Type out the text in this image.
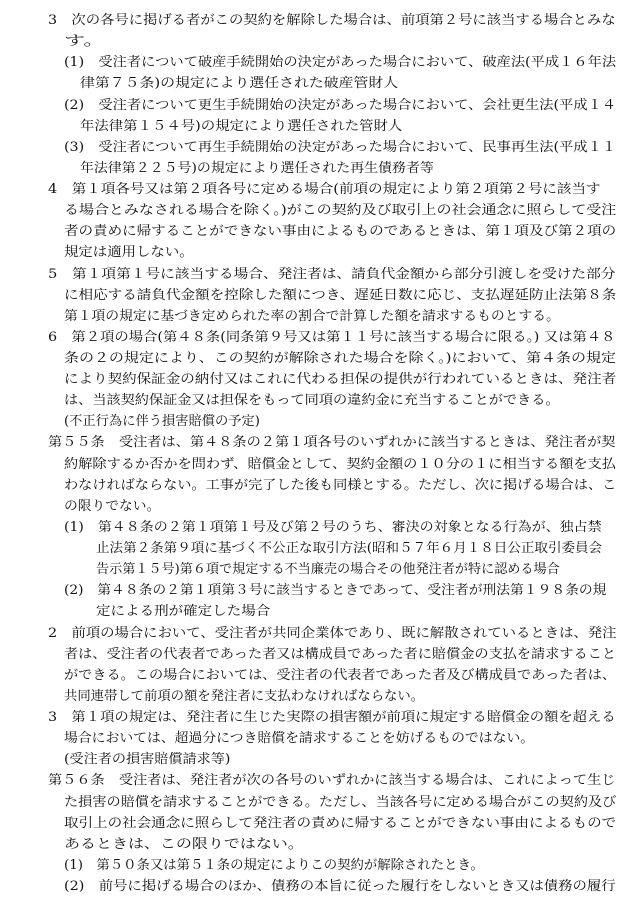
3　次の各号に掲げる者がこの契約を解除した場合は、前項第２号に該当する場合とみな
す。
(1)　受注者について破産手続開始の決定があった場合において、破産法(平成１６年法
律第７５条)の規定により選任された破産管財人
(2)　受注者について更生手続開始の決定があった場合において、会社更生法(平成１４
年法律第１５４号)の規定により選任された管財人
(3)　受注者について再生手続開始の決定があった場合において、民事再生法(平成１１
年法律第２２５号)の規定により選任された再生債務者等
4　第１項各号又は第２項各号に定める場合(前項の規定により第２項第２号に該当す
る場合とみなされる場合を除く。)がこの契約及び取引上の社会通念に照らして受注
者の責めに帰することができない事由によるものであるときは、第１項及び第２項の
規定は適用しない。
5　第１項第１号に該当する場合、発注者は、請負代金額から部分引渡しを受けた部分
に相応する請負代金額を控除した額につき、遅延日数に応じ、支払遅延防止法第８条
第１項の規定に基づき定められた率の割合で計算した額を請求するものとする。
6　第２項の場合(第４８条(同条第９号又は第１１号に該当する場合に限る。) 又は第４８
条の２の規定により、この契約が解除された場合を除く。)において、第４条の規定
により契約保証金の納付又はこれに代わる担保の提供が行われているときは、発注者
は、当該契約保証金又は担保をもって同項の違約金に充当することができる。
(不正行為に伴う損害賠償の予定)
第５５条　受注者は、第４８条の２第１項各号のいずれかに該当するときは、発注者が契
約解除するか否かを問わず、賠償金として、契約金額の１０分の１に相当する額を支払
わなければならない。工事が完了した後も同様とする。ただし、次に掲げる場合は、こ
の限りでない。
(1)　第４８条の２第１項第１号及び第２号のうち、審決の対象となる行為が、独占禁
止法第２条第９項に基づく不公正な取引方法(昭和５７年６月１８日公正取引委員会
告示第１５号)第６項で規定する不当廉売の場合その他発注者が特に認める場合
(2)　第４８条の２第１項第３号に該当するときであって、受注者が刑法第１９８条の規
定による刑が確定した場合
2　前項の場合において、受注者が共同企業体であり、既に解散されているときは、発注
者は、受注者の代表者であった者又は構成員であった者に賠償金の支払を請求すること
ができる。この場合においては、受注者の代表者であった者及び構成員であった者は、
共同連帯して前項の額を発注者に支払わなければならない。
3　第１項の規定は、発注者に生じた実際の損害額が前項に規定する賠償金の額を超える
場合においては、超過分につき賠償を請求することを妨げるものではない。
(受注者の損害賠償請求等)
第５６条　受注者は、発注者が次の各号のいずれかに該当する場合は、これによって生じ
た損害の賠償を請求することができる。ただし、当該各号に定める場合がこの契約及び
取引上の社会通念に照らして発注者の責めに帰することができない事由によるもので
あるときは、この限りではない。
(1)　第５０条又は第５１条の規定によりこの契約が解除されたとき。
(2)　前号に掲げる場合のほか、債務の本旨に従った履行をしないとき又は債務の履行
